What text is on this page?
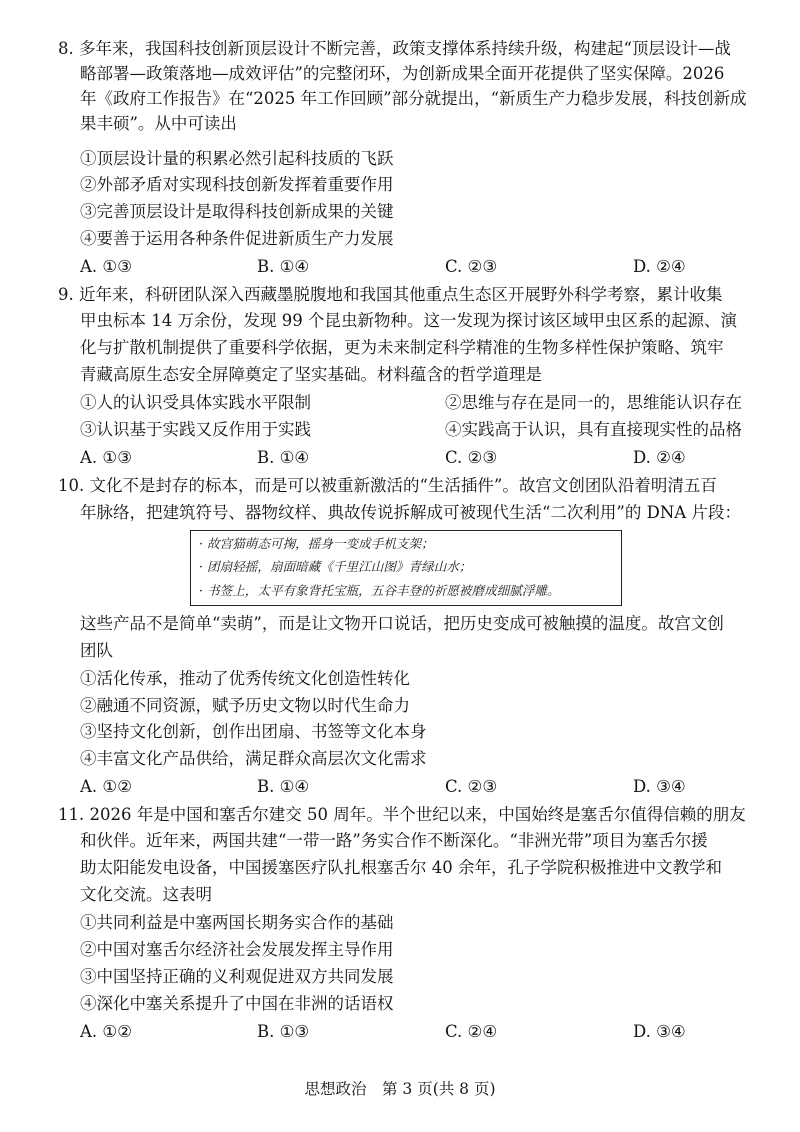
8. 多年来，我国科技创新顶层设计不断完善，政策支撑体系持续升级，构建起“顶层设计—战
略部署—政策落地—成效评估”的完整闭环，为创新成果全面开花提供了坚实保障。2026
年《政府工作报告》在“2025 年工作回顾”部分就提出，“新质生产力稳步发展，科技创新成
果丰硕”。从中可读出
①顶层设计量的积累必然引起科技质的飞跃
②外部矛盾对实现科技创新发挥着重要作用
③完善顶层设计是取得科技创新成果的关键
④要善于运用各种条件促进新质生产力发展
A. ①③	B. ①④	C. ②③	D. ②④
9. 近年来，科研团队深入西藏墨脱腹地和我国其他重点生态区开展野外科学考察，累计收集
甲虫标本 14 万余份，发现 99 个昆虫新物种。这一发现为探讨该区域甲虫区系的起源、演
化与扩散机制提供了重要科学依据，更为未来制定科学精准的生物多样性保护策略、筑牢
青藏高原生态安全屏障奠定了坚实基础。材料蕴含的哲学道理是
①人的认识受具体实践水平限制	②思维与存在是同一的，思维能认识存在
③认识基于实践又反作用于实践	④实践高于认识，具有直接现实性的品格
A. ①③	B. ①④	C. ②③	D. ②④
10. 文化不是封存的标本，而是可以被重新激活的“生活插件”。故宫文创团队沿着明清五百
年脉络，把建筑符号、器物纹样、典故传说拆解成可被现代生活“二次利用”的 DNA 片段：
· 故宫猫萌态可掬，摇身一变成手机支架；
· 团扇轻摇，扇面暗藏《千里江山图》青绿山水；
· 书签上，太平有象背托宝瓶，五谷丰登的祈愿被磨成细腻浮雕。
这些产品不是简单“卖萌”，而是让文物开口说话，把历史变成可被触摸的温度。故宫文创
团队
①活化传承，推动了优秀传统文化创造性转化
②融通不同资源，赋予历史文物以时代生命力
③坚持文化创新，创作出团扇、书签等文化本身
④丰富文化产品供给，满足群众高层次文化需求
A. ①②	B. ①④	C. ②③	D. ③④
11. 2026 年是中国和塞舌尔建交 50 周年。半个世纪以来，中国始终是塞舌尔值得信赖的朋友
和伙伴。近年来，两国共建“一带一路”务实合作不断深化。“非洲光带”项目为塞舌尔援
助太阳能发电设备，中国援塞医疗队扎根塞舌尔 40 余年，孔子学院积极推进中文教学和
文化交流。这表明
①共同利益是中塞两国长期务实合作的基础
②中国对塞舌尔经济社会发展发挥主导作用
③中国坚持正确的义利观促进双方共同发展
④深化中塞关系提升了中国在非洲的话语权
A. ①②	B. ①③	C. ②④	D. ③④
思想政治　第 3 页(共 8 页)
